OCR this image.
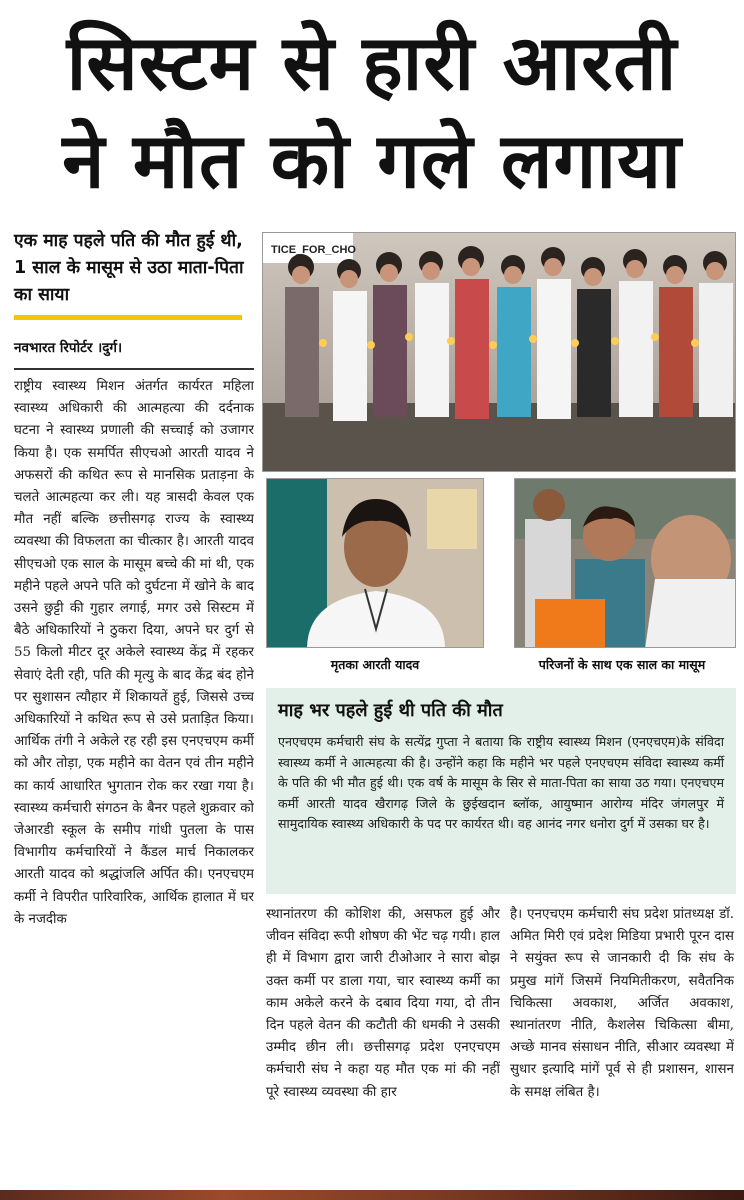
सिस्टम से हारी आरती
ने मौत को गले लगाया
एक माह पहले पति की मौत हुई थी, 1 साल के मासूम से उठा माता-पिता का साया
नवभारत रिपोर्टर ।दुर्ग।
TICE_FOR_CHO
मृतका आरती यादव	परिजनों के साथ एक साल का मासूम
माह भर पहले हुई थी पति की मौत
एनएचएम कर्मचारी संघ के सत्येंद्र गुप्ता ने बताया कि राष्ट्रीय स्वास्थ्य मिशन (एनएचएम)के संविदा स्वास्थ्य कर्मी ने आत्महत्या की है। उन्होंने कहा कि महीने भर पहले एनएचएम संविदा स्वास्थ्य कर्मी के पति की भी मौत हुई थी। एक वर्ष के मासूम के सिर से माता-पिता का साया उठ गया। एनएचएम कर्मी आरती यादव खैरागढ़ जिले के छुईखदान ब्लॉक, आयुष्मान आरोग्य मंदिर जंगलपुर में सामुदायिक स्वास्थ्य अधिकारी के पद पर कार्यरत थी। वह आनंद नगर धनोरा दुर्ग में उसका घर है।
राष्ट्रीय स्वास्थ्य मिशन अंतर्गत कार्यरत महिला स्वास्थ्य अधिकारी की आत्महत्या की दर्दनाक घटना ने स्वास्थ्य प्रणाली की सच्चाई को उजागर किया है। एक समर्पित सीएचओ आरती यादव ने अफसरों की कथित रूप से मानसिक प्रताड़ना के चलते आत्महत्या कर ली। यह त्रासदी केवल एक मौत नहीं बल्कि छत्तीसगढ़ राज्य के स्वास्थ्य व्यवस्था की विफलता का चीत्कार है। आरती यादव सीएचओ एक साल के मासूम बच्चे की मां थी, एक महीने पहले अपने पति को दुर्घटना में खोने के बाद उसने छुट्टी की गुहार लगाई, मगर उसे सिस्टम में बैठे अधिकारियों ने ठुकरा दिया, अपने घर दुर्ग से 55 किलो मीटर दूर अकेले स्वास्थ्य केंद्र में रहकर सेवाएं देती रही, पति की मृत्यु के बाद केंद्र बंद होने पर सुशासन त्यौहार में शिकायतें हुई, जिससे उच्च अधिकारियों ने कथित रूप से उसे प्रताड़ित किया। आर्थिक तंगी ने अकेले रह रही इस एनएचएम कर्मी को और तोड़ा, एक महीने का वेतन एवं तीन महीने का कार्य आधारित भुगतान रोक कर रखा गया है। स्वास्थ्य कर्मचारी संगठन के बैनर पहले शुक्रवार को जेआरडी स्कूल के समीप गांधी पुतला के पास विभागीय कर्मचारियों ने कैंडल मार्च निकालकर आरती यादव को श्रद्धांजलि अर्पित की। एनएचएम कर्मी ने विपरीत पारिवारिक, आर्थिक हालात में घर के नजदीक	स्थानांतरण की कोशिश की, असफल हुई और जीवन संविदा रूपी शोषण की भेंट चढ़ गयी। हाल ही में विभाग द्वारा जारी टीओआर ने सारा बोझ उक्त कर्मी पर डाला गया, चार स्वास्थ्य कर्मी का काम अकेले करने के दबाव दिया गया, दो तीन दिन पहले वेतन की कटौती की धमकी ने उसकी उम्मीद छीन ली। छत्तीसगढ़ प्रदेश एनएचएम कर्मचारी संघ ने कहा यह मौत एक मां की नहीं पूरे स्वास्थ्य व्यवस्था की हार
है। एनएचएम कर्मचारी संघ प्रदेश प्रांतध्यक्ष डॉ. अमित मिरी एवं प्रदेश मिडिया प्रभारी पूरन दास ने सयुंक्त रूप से जानकारी दी कि संघ के प्रमुख मांगें जिसमें नियमितीकरण, सवैतनिक चिकित्सा अवकाश, अर्जित अवकाश, स्थानांतरण नीति, कैशलेस चिकित्सा बीमा, अच्छे मानव संसाधन नीति, सीआर व्यवस्था में सुधार इत्यादि मांगें पूर्व से ही प्रशासन, शासन के समक्ष लंबित है।
